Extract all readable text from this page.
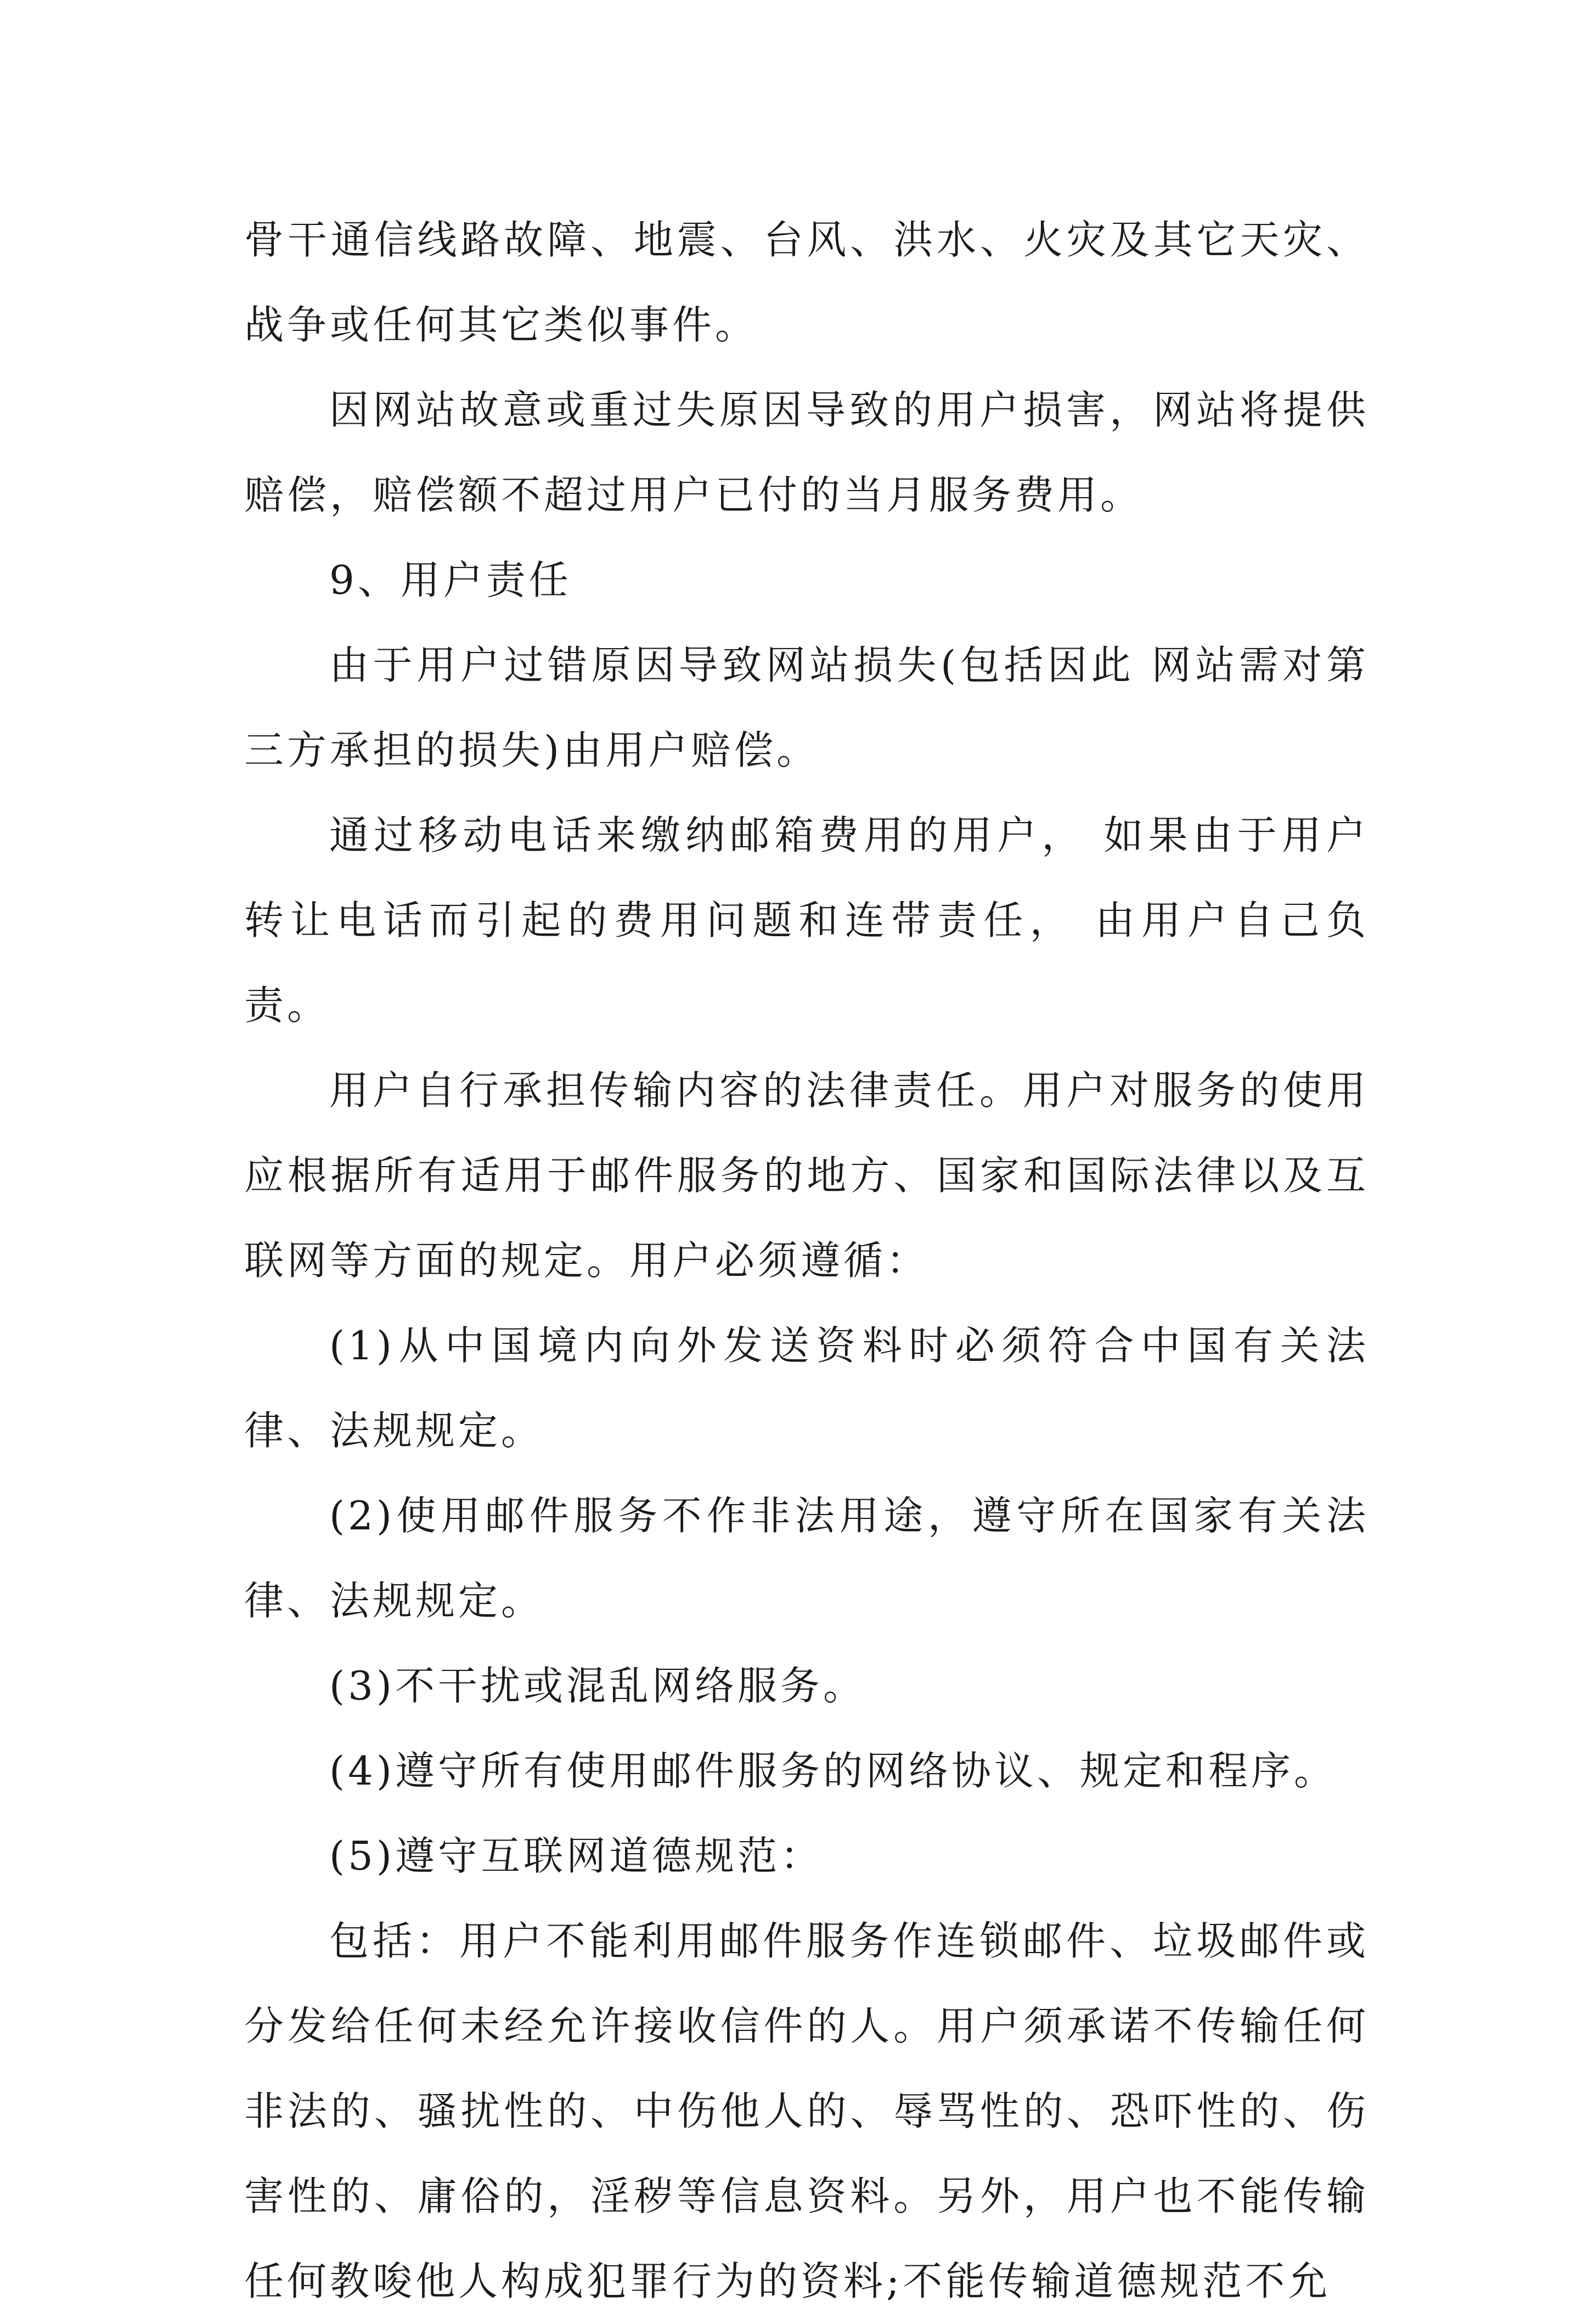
骨干通信线路故障、地震、台风、洪水、火灾及其它天灾、战争或任何其它类似事件。

因网站故意或重过失原因导致的用户损害，网站将提供赔偿，赔偿额不超过用户已付的当月服务费用。

9、用户责任

由于用户过错原因导致网站损失(包括因此 网站需对第三方承担的损失)由用户赔偿。

通过移动电话来缴纳邮箱费用的用户， 如果由于用户转让电话而引起的费用问题和连带责任， 由用户自己负责。

用户自行承担传输内容的法律责任。用户对服务的使用应根据所有适用于邮件服务的地方、国家和国际法律以及互联网等方面的规定。用户必须遵循：

(1)从中国境内向外发送资料时必须符合中国有关法律、法规规定。

(2)使用邮件服务不作非法用途，遵守所在国家有关法律、法规规定。

(3)不干扰或混乱网络服务。

(4)遵守所有使用邮件服务的网络协议、规定和程序。

(5)遵守互联网道德规范：

包括：用户不能利用邮件服务作连锁邮件、垃圾邮件或分发给任何未经允许接收信件的人。用户须承诺不传输任何非法的、骚扰性的、中伤他人的、辱骂性的、恐吓性的、伤害性的、庸俗的，淫秽等信息资料。另外，用户也不能传输任何教唆他人构成犯罪行为的资料;不能传输道德规范不允
